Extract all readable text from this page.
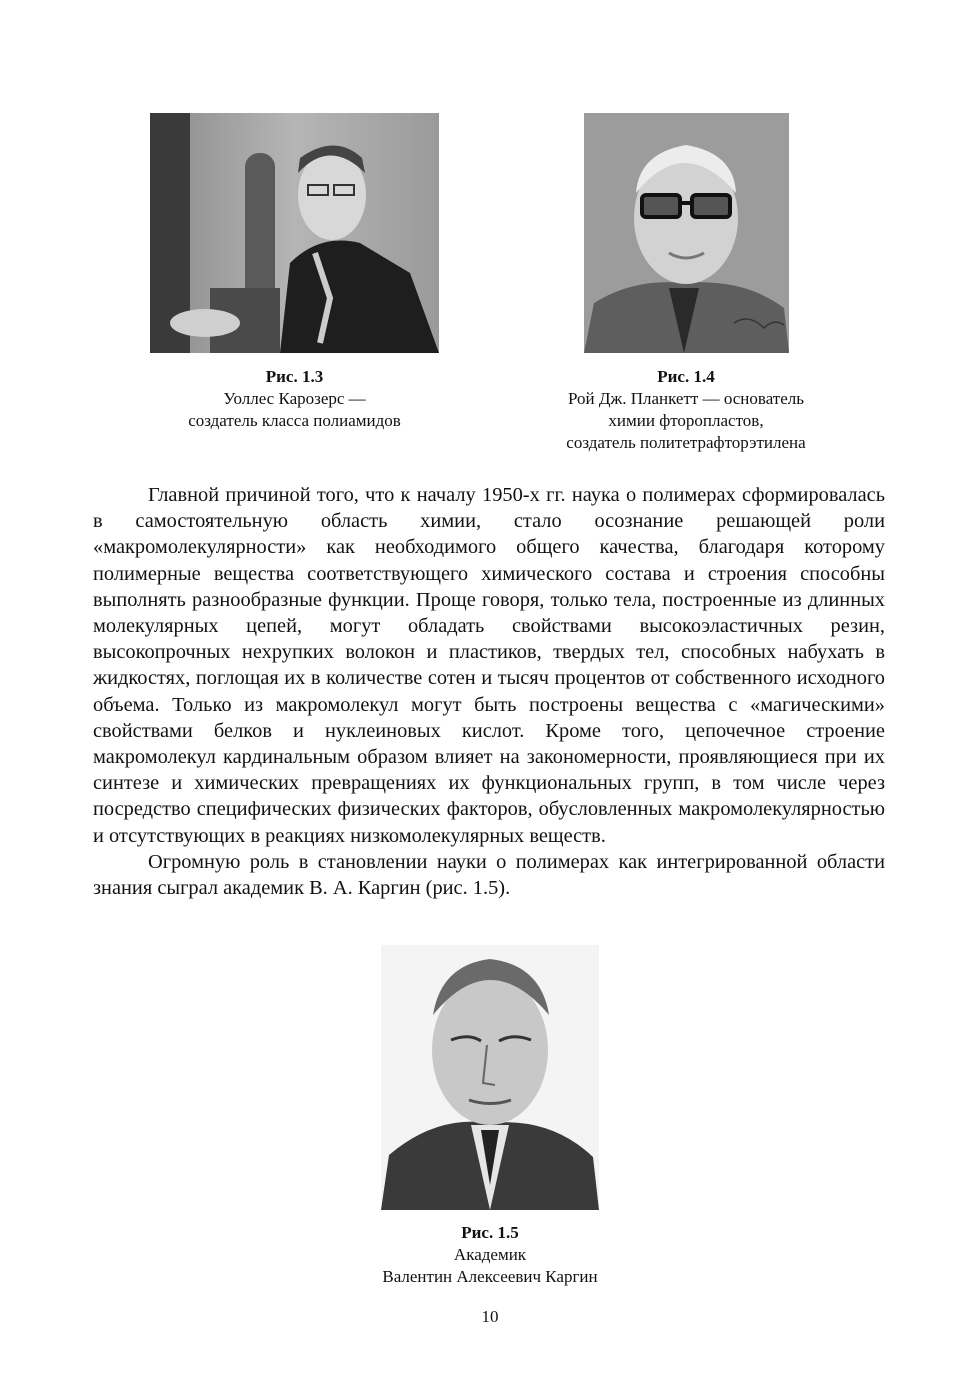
Рис. 1.3
Уоллес Карозерс —
создатель класса полиамидов
Рис. 1.4
Рой Дж. Планкетт — основатель
химии фторопластов,
создатель политетрафторэтилена

Главной причиной того, что к началу 1950-х гг. наука о полимерах сформировалась в самостоятельную область химии, стало осознание решающей роли «макромолекулярности» как необходимого общего качества, благодаря которому полимерные вещества соответствующего химического состава и строения способны выполнять разнообразные функции. Проще говоря, только тела, построенные из длинных молекулярных цепей, могут обладать свойствами высокоэластичных резин, высокопрочных нехрупких волокон и пластиков, твердых тел, способных набухать в жидкостях, поглощая их в количестве сотен и тысяч процентов от собственного исходного объема. Только из макромолекул могут быть построены вещества с «магическими» свойствами белков и нуклеиновых кислот. Кроме того, цепочечное строение макромолекул кардинальным образом влияет на закономерности, проявляющиеся при их синтезе и химических превращениях их функциональных групп, в том числе через посредство специфических физических факторов, обусловленных макромолекулярностью и отсутствующих в реакциях низкомолекулярных веществ.

Огромную роль в становлении науки о полимерах как интегрированной области знания сыграл академик В. А. Каргин (рис. 1.5).

Рис. 1.5
Академик
Валентин Алексеевич Каргин
10
